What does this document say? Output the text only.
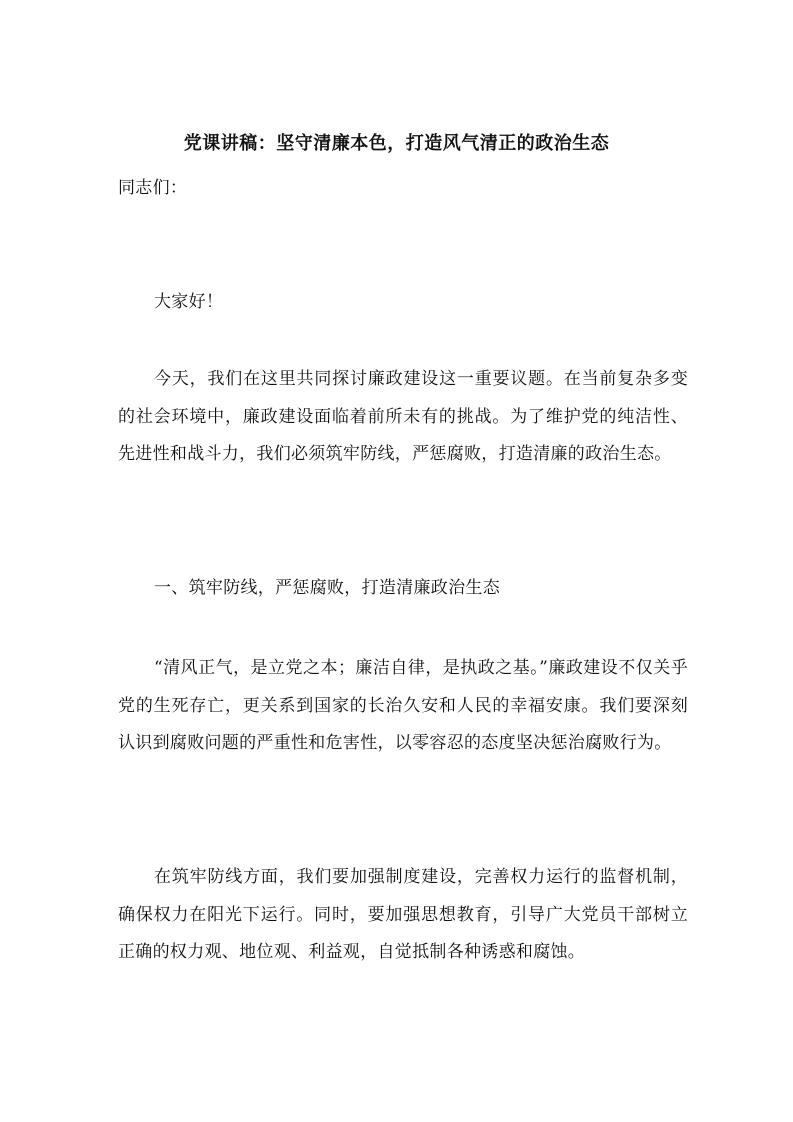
党课讲稿：坚守清廉本色，打造风气清正的政治生态

同志们：

大家好！

今天，我们在这里共同探讨廉政建设这一重要议题。在当前复杂多变的社会环境中，廉政建设面临着前所未有的挑战。为了维护党的纯洁性、先进性和战斗力，我们必须筑牢防线，严惩腐败，打造清廉的政治生态。

一、筑牢防线，严惩腐败，打造清廉政治生态

“清风正气，是立党之本；廉洁自律，是执政之基。”廉政建设不仅关乎党的生死存亡，更关系到国家的长治久安和人民的幸福安康。我们要深刻认识到腐败问题的严重性和危害性，以零容忍的态度坚决惩治腐败行为。

在筑牢防线方面，我们要加强制度建设，完善权力运行的监督机制，确保权力在阳光下运行。同时，要加强思想教育，引导广大党员干部树立正确的权力观、地位观、利益观，自觉抵制各种诱惑和腐蚀。
